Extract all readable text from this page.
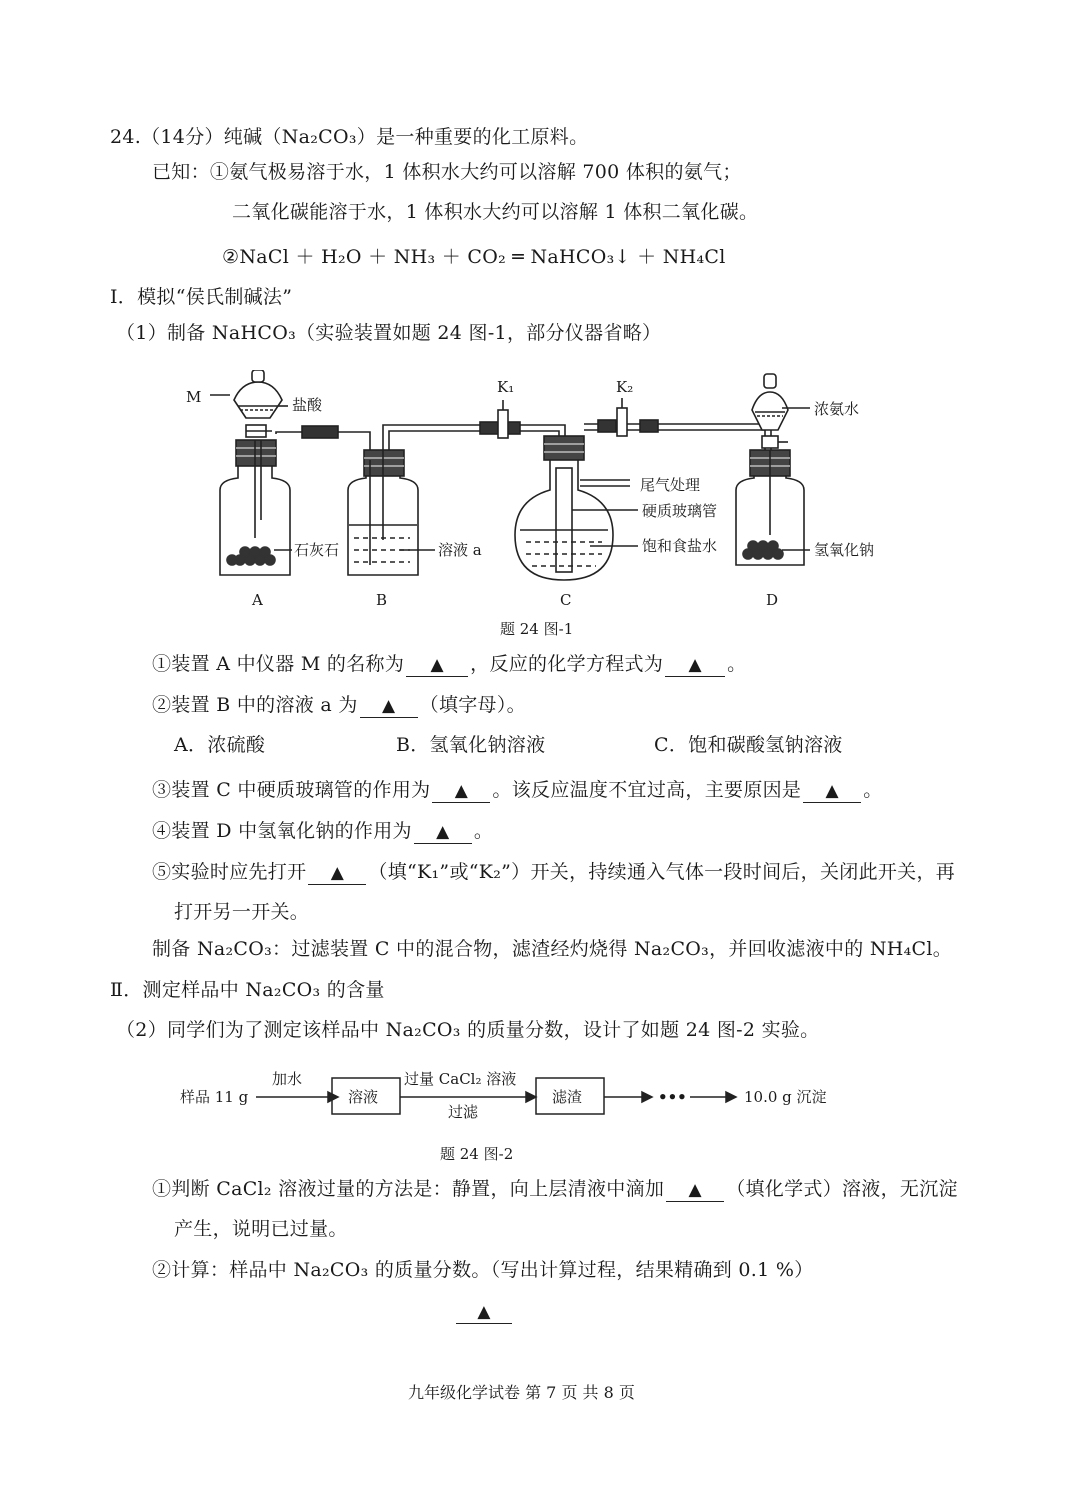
24.（14分）纯碱（Na₂CO₃）是一种重要的化工原料。
已知：①氨气极易溶于水，1 体积水大约可以溶解 700 体积的氨气；
二氧化碳能溶于水，1 体积水大约可以溶解 1 体积二氧化碳。
②NaCl ＋ H₂O ＋ NH₃ ＋ CO₂ ═ NaHCO₃↓ ＋ NH₄Cl
Ⅰ．模拟“侯氏制碱法”
（1）制备 NaHCO₃（实验装置如题 24 图-1，部分仪器省略）
M	盐酸
石灰石	溶液 a
K₁	K₂
尾气处理
硬质玻璃管
饱和食盐水
浓氨水
氢氧化钠
A	B	C	D
题 24 图-1
①装置 A 中仪器 M 的名称为 ▲ ，反应的化学方程式为 ▲ 。
②装置 B 中的溶液 a 为 ▲ （填字母）。
A．浓硫酸	B．氢氧化钠溶液	C．饱和碳酸氢钠溶液
③装置 C 中硬质玻璃管的作用为 ▲ 。该反应温度不宜过高，主要原因是 ▲ 。
④装置 D 中氢氧化钠的作用为 ▲ 。
⑤实验时应先打开 ▲ （填“K₁”或“K₂”）开关，持续通入气体一段时间后，关闭此开关，再
打开另一开关。
制备 Na₂CO₃：过滤装置 C 中的混合物，滤渣经灼烧得 Na₂CO₃，并回收滤液中的 NH₄Cl。
Ⅱ．测定样品中 Na₂CO₃ 的含量
（2）同学们为了测定该样品中 Na₂CO₃ 的质量分数，设计了如题 24 图-2 实验。
样品 11 g
加水
溶液
过量 CaCl₂ 溶液
过滤
滤渣	•••	10.0 g 沉淀
题 24 图-2
①判断 CaCl₂ 溶液过量的方法是：静置，向上层清液中滴加 ▲ （填化学式）溶液，无沉淀
产生，说明已过量。
②计算：样品中 Na₂CO₃ 的质量分数。（写出计算过程，结果精确到 0.1 %）
▲
九年级化学试卷 第 7 页 共 8 页
